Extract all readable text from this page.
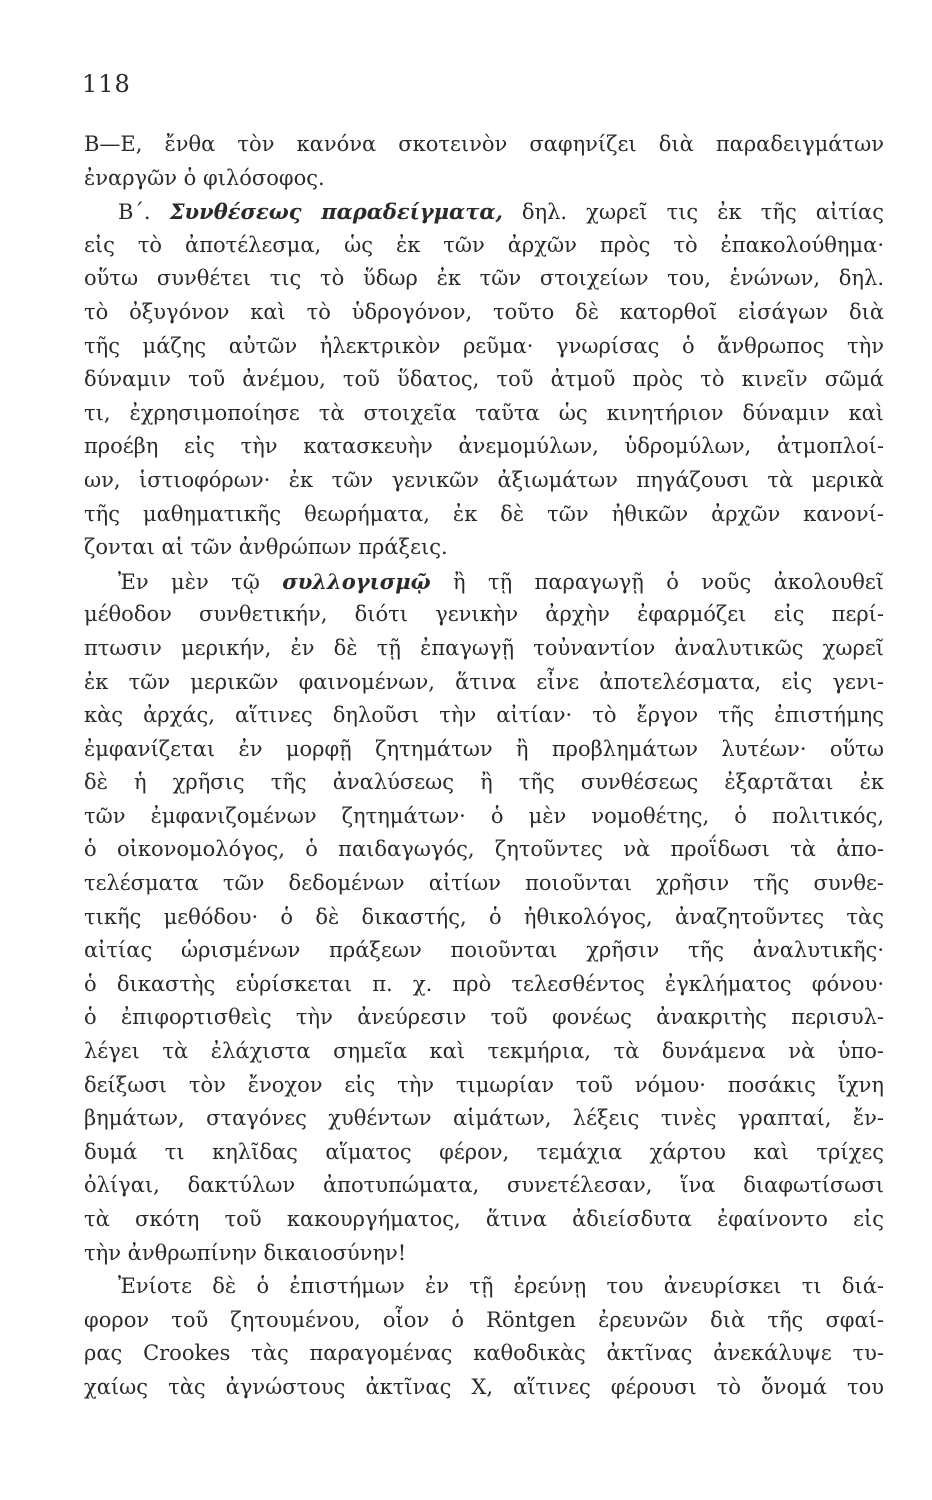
118
Β—Ε, ἔνθα τὸν κανόνα σκοτεινὸν σαφηνίζει διὰ παραδειγμάτων
ἐναργῶν ὁ φιλόσοφος.
Β΄. Συνθέσεως παραδείγματα, δηλ. χωρεῖ τις ἐκ τῆς αἰτίας
εἰς τὸ ἀποτέλεσμα, ὡς ἐκ τῶν ἀρχῶν πρὸς τὸ ἐπακολούθημα·
οὕτω συνθέτει τις τὸ ὕδωρ ἐκ τῶν στοιχείων του, ἑνώνων, δηλ.
τὸ ὀξυγόνον καὶ τὸ ὑδρογόνον, τοῦτο δὲ κατορθοῖ εἰσάγων διὰ
τῆς μάζης αὐτῶν ἠλεκτρικὸν ρεῦμα· γνωρίσας ὁ ἄνθρωπος τὴν
δύναμιν τοῦ ἀνέμου, τοῦ ὕδατος, τοῦ ἀτμοῦ πρὸς τὸ κινεῖν σῶμά
τι, ἐχρησιμοποίησε τὰ στοιχεῖα ταῦτα ὡς κινητήριον δύναμιν καὶ
προέβη εἰς τὴν κατασκευὴν ἀνεμομύλων, ὑδρομύλων, ἀτμοπλοί-
ων, ἱστιοφόρων· ἐκ τῶν γενικῶν ἀξιωμάτων πηγάζουσι τὰ μερικὰ
τῆς μαθηματικῆς θεωρήματα, ἐκ δὲ τῶν ἠθικῶν ἀρχῶν κανονί-
ζονται αἱ τῶν ἀνθρώπων πράξεις.
Ἐν μὲν τῷ συλλογισμῷ ἢ τῇ παραγωγῇ ὁ νοῦς ἀκολουθεῖ
μέθοδον συνθετικήν, διότι γενικὴν ἀρχὴν ἐφαρμόζει εἰς περί-
πτωσιν μερικήν, ἐν δὲ τῇ ἐπαγωγῇ τοὐναντίον ἀναλυτικῶς χωρεῖ
ἐκ τῶν μερικῶν φαινομένων, ἅτινα εἶνε ἀποτελέσματα, εἰς γενι-
κὰς ἀρχάς, αἵτινες δηλοῦσι τὴν αἰτίαν· τὸ ἔργον τῆς ἐπιστήμης
ἐμφανίζεται ἐν μορφῇ ζητημάτων ἢ προβλημάτων λυτέων· οὕτω
δὲ ἡ χρῆσις τῆς ἀναλύσεως ἢ τῆς συνθέσεως ἐξαρτᾶται ἐκ
τῶν ἐμφανιζομένων ζητημάτων· ὁ μὲν νομοθέτης, ὁ πολιτικός,
ὁ οἰκονομολόγος, ὁ παιδαγωγός, ζητοῦντες νὰ προΐδωσι τὰ ἀπο-
τελέσματα τῶν δεδομένων αἰτίων ποιοῦνται χρῆσιν τῆς συνθε-
τικῆς μεθόδου· ὁ δὲ δικαστής, ὁ ἠθικολόγος, ἀναζητοῦντες τὰς
αἰτίας ὡρισμένων πράξεων ποιοῦνται χρῆσιν τῆς ἀναλυτικῆς·
ὁ δικαστὴς εὑρίσκεται π. χ. πρὸ τελεσθέντος ἐγκλήματος φόνου·
ὁ ἐπιφορτισθεὶς τὴν ἀνεύρεσιν τοῦ φονέως ἀνακριτὴς περισυλ-
λέγει τὰ ἐλάχιστα σημεῖα καὶ τεκμήρια, τὰ δυνάμενα νὰ ὑπο-
δείξωσι τὸν ἔνοχον εἰς τὴν τιμωρίαν τοῦ νόμου· ποσάκις ἴχνη
βημάτων, σταγόνες χυθέντων αἱμάτων, λέξεις τινὲς γραπταί, ἔν-
δυμά τι κηλῖδας αἵματος φέρον, τεμάχια χάρτου καὶ τρίχες
ὀλίγαι, δακτύλων ἀποτυπώματα, συνετέλεσαν, ἵνα διαφωτίσωσι
τὰ σκότη τοῦ κακουργήματος, ἅτινα ἀδιείσδυτα ἐφαίνοντο εἰς
τὴν ἀνθρωπίνην δικαιοσύνην!
Ἐνίοτε δὲ ὁ ἐπιστήμων ἐν τῇ ἐρεύνῃ του ἀνευρίσκει τι διά-
φορον τοῦ ζητουμένου, οἷον ὁ Röntgen ἐρευνῶν διὰ τῆς σφαί-
ρας Crookes τὰς παραγομένας καθοδικὰς ἀκτῖνας ἀνεκάλυψε τυ-
χαίως τὰς ἀγνώστους ἀκτῖνας Χ, αἵτινες φέρουσι τὸ ὄνομά του
